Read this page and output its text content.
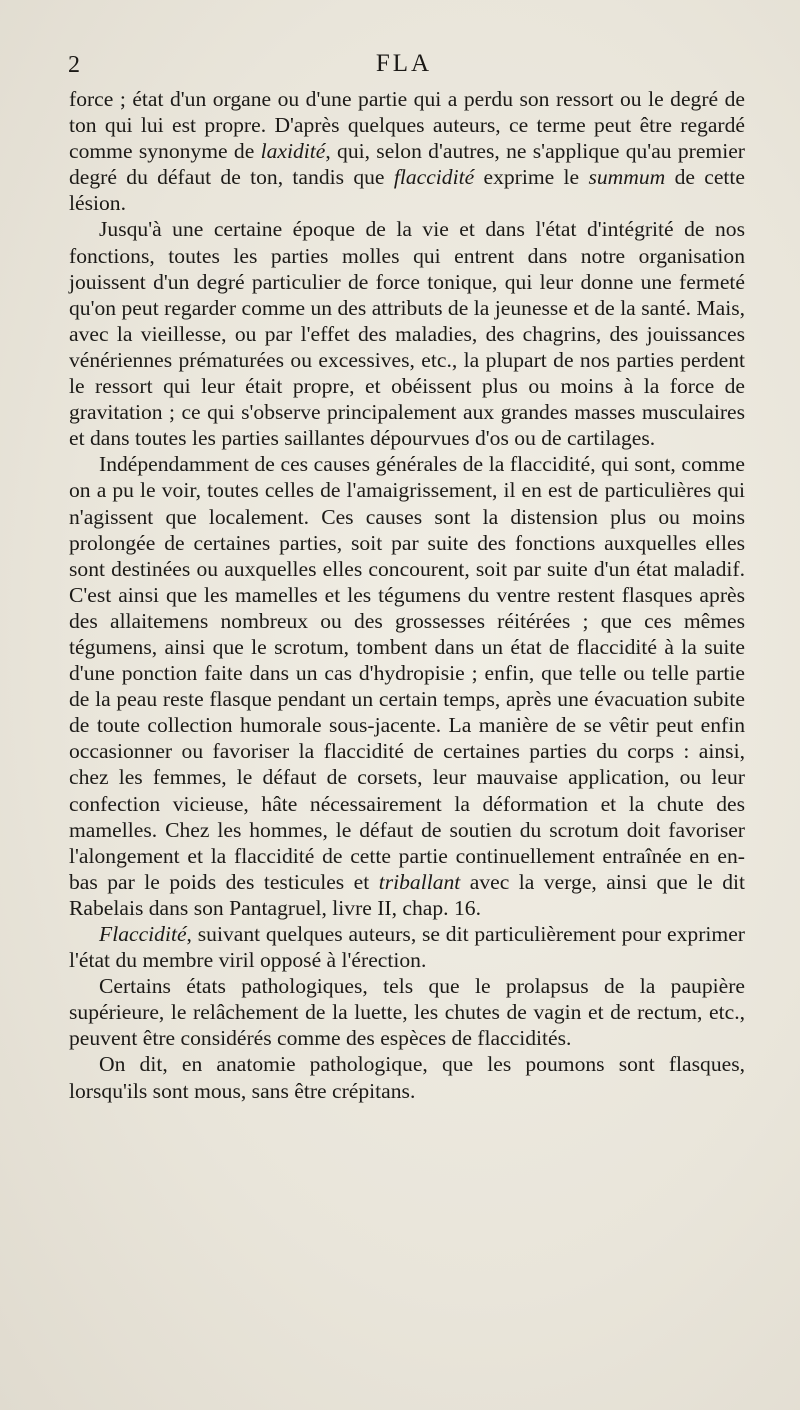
2	FLA

force ; état d'un organe ou d'une partie qui a perdu son ressort ou le degré de ton qui lui est propre. D'après quelques auteurs, ce terme peut être regardé comme synonyme de laxidité, qui, selon d'autres, ne s'applique qu'au premier degré du défaut de ton, tandis que flaccidité exprime le summum de cette lésion.

Jusqu'à une certaine époque de la vie et dans l'état d'intégrité de nos fonctions, toutes les parties molles qui entrent dans notre organisation jouissent d'un degré particulier de force tonique, qui leur donne une fermeté qu'on peut regarder comme un des attributs de la jeunesse et de la santé. Mais, avec la vieillesse, ou par l'effet des maladies, des chagrins, des jouissances vénériennes prématurées ou excessives, etc., la plupart de nos parties perdent le ressort qui leur était propre, et obéissent plus ou moins à la force de gravitation ; ce qui s'observe principalement aux grandes masses musculaires et dans toutes les parties saillantes dépourvues d'os ou de cartilages.

Indépendamment de ces causes générales de la flaccidité, qui sont, comme on a pu le voir, toutes celles de l'amaigrissement, il en est de particulières qui n'agissent que localement. Ces causes sont la distension plus ou moins prolongée de certaines parties, soit par suite des fonctions auxquelles elles sont destinées ou auxquelles elles concourent, soit par suite d'un état maladif. C'est ainsi que les mamelles et les tégumens du ventre restent flasques après des allaitemens nombreux ou des grossesses réitérées ; que ces mêmes tégumens, ainsi que le scrotum, tombent dans un état de flaccidité à la suite d'une ponction faite dans un cas d'hydropisie ; enfin, que telle ou telle partie de la peau reste flasque pendant un certain temps, après une évacuation subite de toute collection humorale sous-jacente. La manière de se vêtir peut enfin occasionner ou favoriser la flaccidité de certaines parties du corps : ainsi, chez les femmes, le défaut de corsets, leur mauvaise application, ou leur confection vicieuse, hâte nécessairement la déformation et la chute des mamelles. Chez les hommes, le défaut de soutien du scrotum doit favoriser l'alongement et la flaccidité de cette partie continuellement entraînée en en-bas par le poids des testicules et triballant avec la verge, ainsi que le dit Rabelais dans son Pantagruel, livre II, chap. 16.

Flaccidité, suivant quelques auteurs, se dit particulièrement pour exprimer l'état du membre viril opposé à l'érection.

Certains états pathologiques, tels que le prolapsus de la paupière supérieure, le relâchement de la luette, les chutes de vagin et de rectum, etc., peuvent être considérés comme des espèces de flaccidités.

On dit, en anatomie pathologique, que les poumons sont flasques, lorsqu'ils sont mous, sans être crépitans.
